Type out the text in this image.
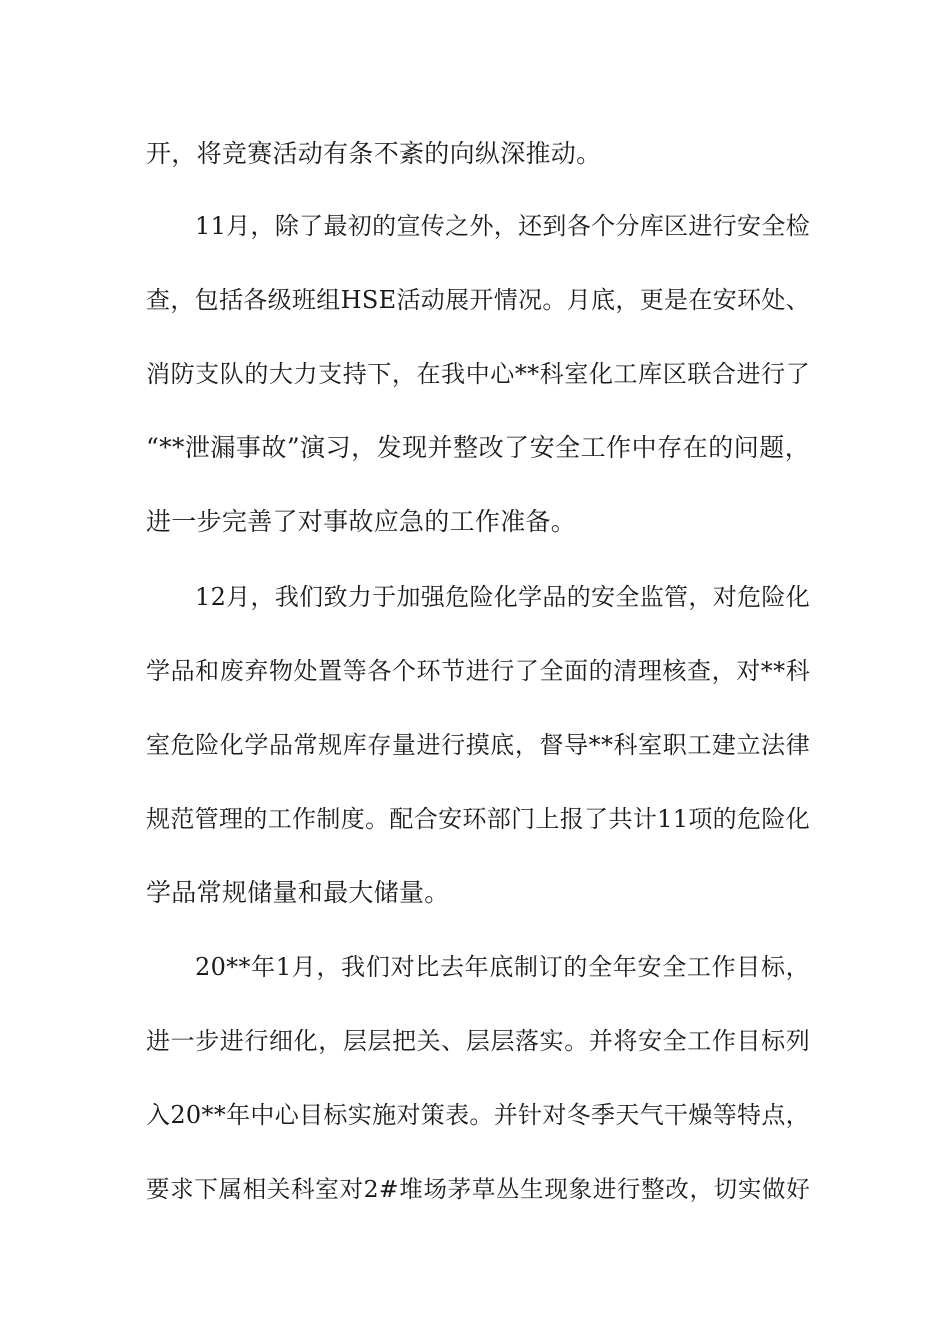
开，将竞赛活动有条不紊的向纵深推动。
11月，除了最初的宣传之外，还到各个分库区进行安全检
查，包括各级班组HSE活动展开情况。月底，更是在安环处、
消防支队的大力支持下，在我中心**科室化工库区联合进行了
“**泄漏事故”演习，发现并整改了安全工作中存在的问题，
进一步完善了对事故应急的工作准备。
12月，我们致力于加强危险化学品的安全监管，对危险化
学品和废弃物处置等各个环节进行了全面的清理核查，对**科
室危险化学品常规库存量进行摸底，督导**科室职工建立法律
规范管理的工作制度。配合安环部门上报了共计11项的危险化
学品常规储量和最大储量。
20**年1月，我们对比去年底制订的全年安全工作目标，
进一步进行细化，层层把关、层层落实。并将安全工作目标列
入20**年中心目标实施对策表。并针对冬季天气干燥等特点，
要求下属相关科室对2#堆场茅草丛生现象进行整改，切实做好
